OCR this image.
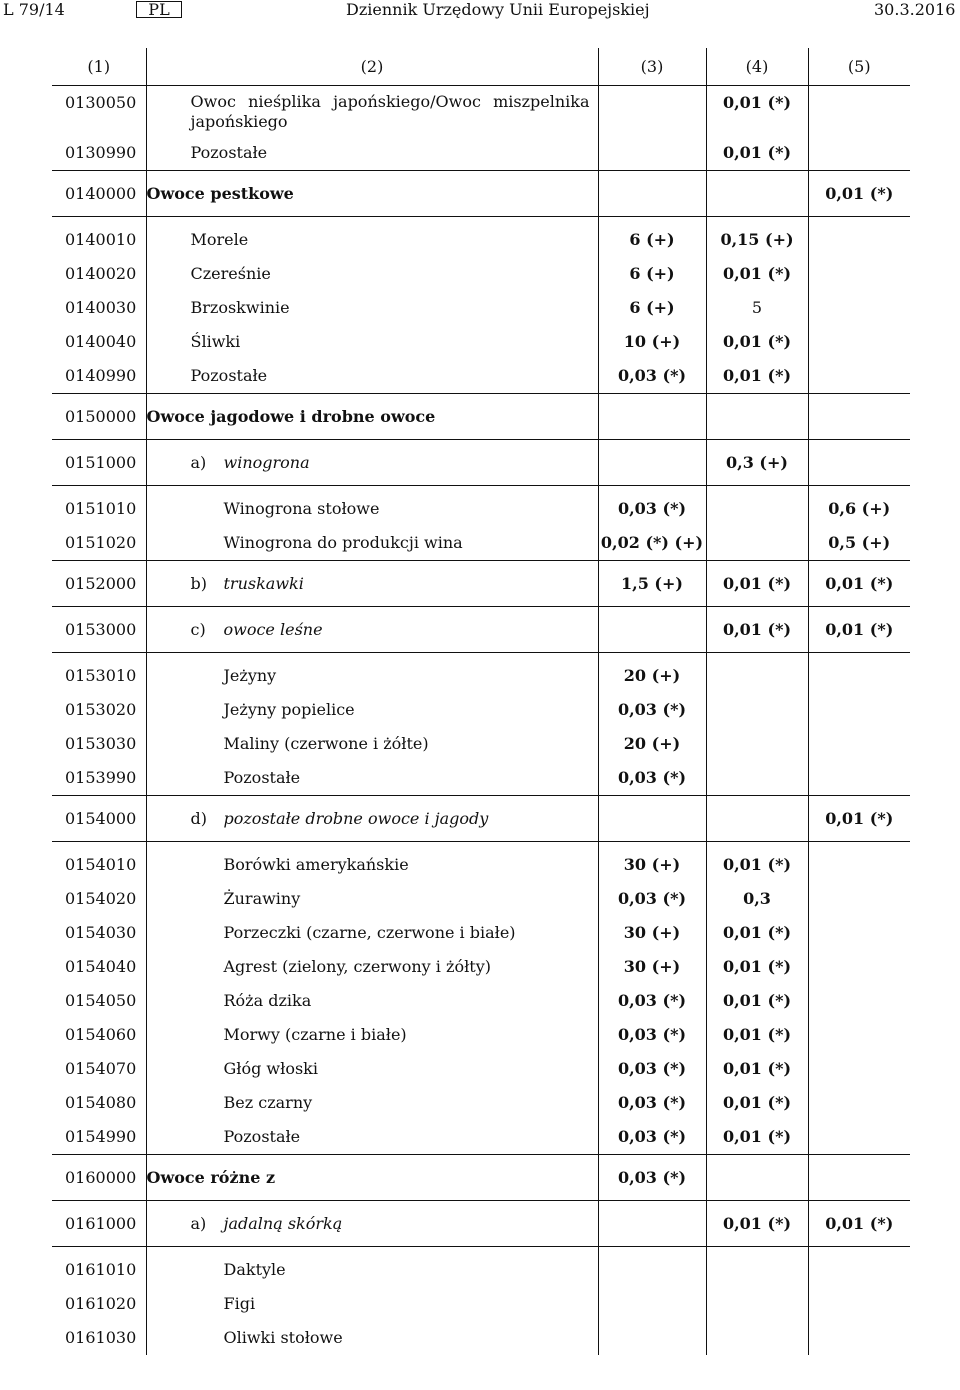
L 79/14	PL	Dziennik Urzędowy Unii Europejskiej	30.3.2016
(1)	(2)	(3)	(4)	(5)
0130050	Owoc nieśplika japońskiego/Owoc miszpelnika japońskiego		0,01 (*)	
0130990	Pozostałe		0,01 (*)	
0140000	Owoce pestkowe			0,01 (*)
0140010	Morele	6 (+)	0,15 (+)	
0140020	Czereśnie	6 (+)	0,01 (*)	
0140030	Brzoskwinie	6 (+)	5	
0140040	Śliwki	10 (+)	0,01 (*)	
0140990	Pozostałe	0,03 (*)	0,01 (*)	
0150000	Owoce jagodowe i drobne owoce			
0151000	a) winogrona		0,3 (+)	
0151010	Winogrona stołowe	0,03 (*)		0,6 (+)
0151020	Winogrona do produkcji wina	0,02 (*) (+)		0,5 (+)
0152000	b) truskawki	1,5 (+)	0,01 (*)	0,01 (*)
0153000	c) owoce leśne		0,01 (*)	0,01 (*)
0153010	Jeżyny	20 (+)		
0153020	Jeżyny popielice	0,03 (*)		
0153030	Maliny (czerwone i żółte)	20 (+)		
0153990	Pozostałe	0,03 (*)		
0154000	d) pozostałe drobne owoce i jagody			0,01 (*)
0154010	Borówki amerykańskie	30 (+)	0,01 (*)	
0154020	Żurawiny	0,03 (*)	0,3	
0154030	Porzeczki (czarne, czerwone i białe)	30 (+)	0,01 (*)	
0154040	Agrest (zielony, czerwony i żółty)	30 (+)	0,01 (*)	
0154050	Róża dzika	0,03 (*)	0,01 (*)	
0154060	Morwy (czarne i białe)	0,03 (*)	0,01 (*)	
0154070	Głóg włoski	0,03 (*)	0,01 (*)	
0154080	Bez czarny	0,03 (*)	0,01 (*)	
0154990	Pozostałe	0,03 (*)	0,01 (*)	
0160000	Owoce różne z	0,03 (*)		
0161000	a) jadalną skórką		0,01 (*)	0,01 (*)
0161010	Daktyle			
0161020	Figi			
0161030	Oliwki stołowe			
